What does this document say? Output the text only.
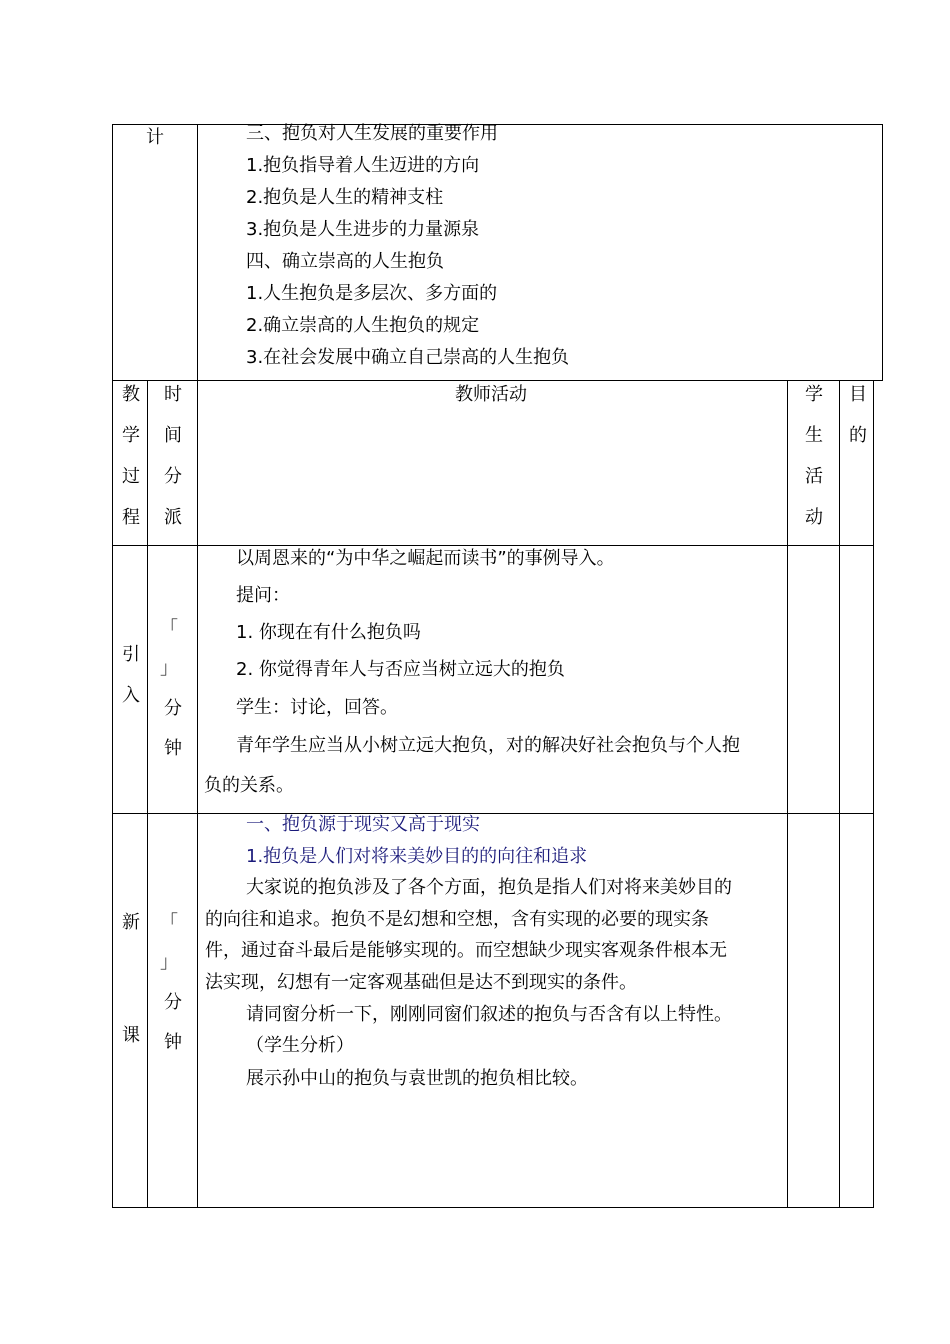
计	三、抱负对人生发展的重要作用
1.抱负指导着人生迈进的方向
2.抱负是人生的精神支柱
3.抱负是人生进步的力量源泉
四、确立崇高的人生抱负
1.人生抱负是多层次、多方面的
2.确立崇高的人生抱负的规定
3.在社会发展中确立自己崇高的人生抱负
教
学
过
程
时
间
分
派
教师活动	学
生
活
动
目
的
引
入
「
」
分
钟
以周恩来的“为中华之崛起而读书”的事例导入。
提问：
1. 你现在有什么抱负吗
2. 你觉得青年人与否应当树立远大的抱负
学生：讨论，回答。
青年学生应当从小树立远大抱负，对的解决好社会抱负与个人抱
负的关系。
新
课
「
」
分
钟
一、抱负源于现实又高于现实
1.抱负是人们对将来美妙目的的向往和追求
大家说的抱负涉及了各个方面，抱负是指人们对将来美妙目的
的向往和追求。抱负不是幻想和空想，含有实现的必要的现实条
件，通过奋斗最后是能够实现的。而空想缺少现实客观条件根本无
法实现，幻想有一定客观基础但是达不到现实的条件。
请同窗分析一下，刚刚同窗们叙述的抱负与否含有以上特性。
（学生分析）
展示孙中山的抱负与袁世凯的抱负相比较。
